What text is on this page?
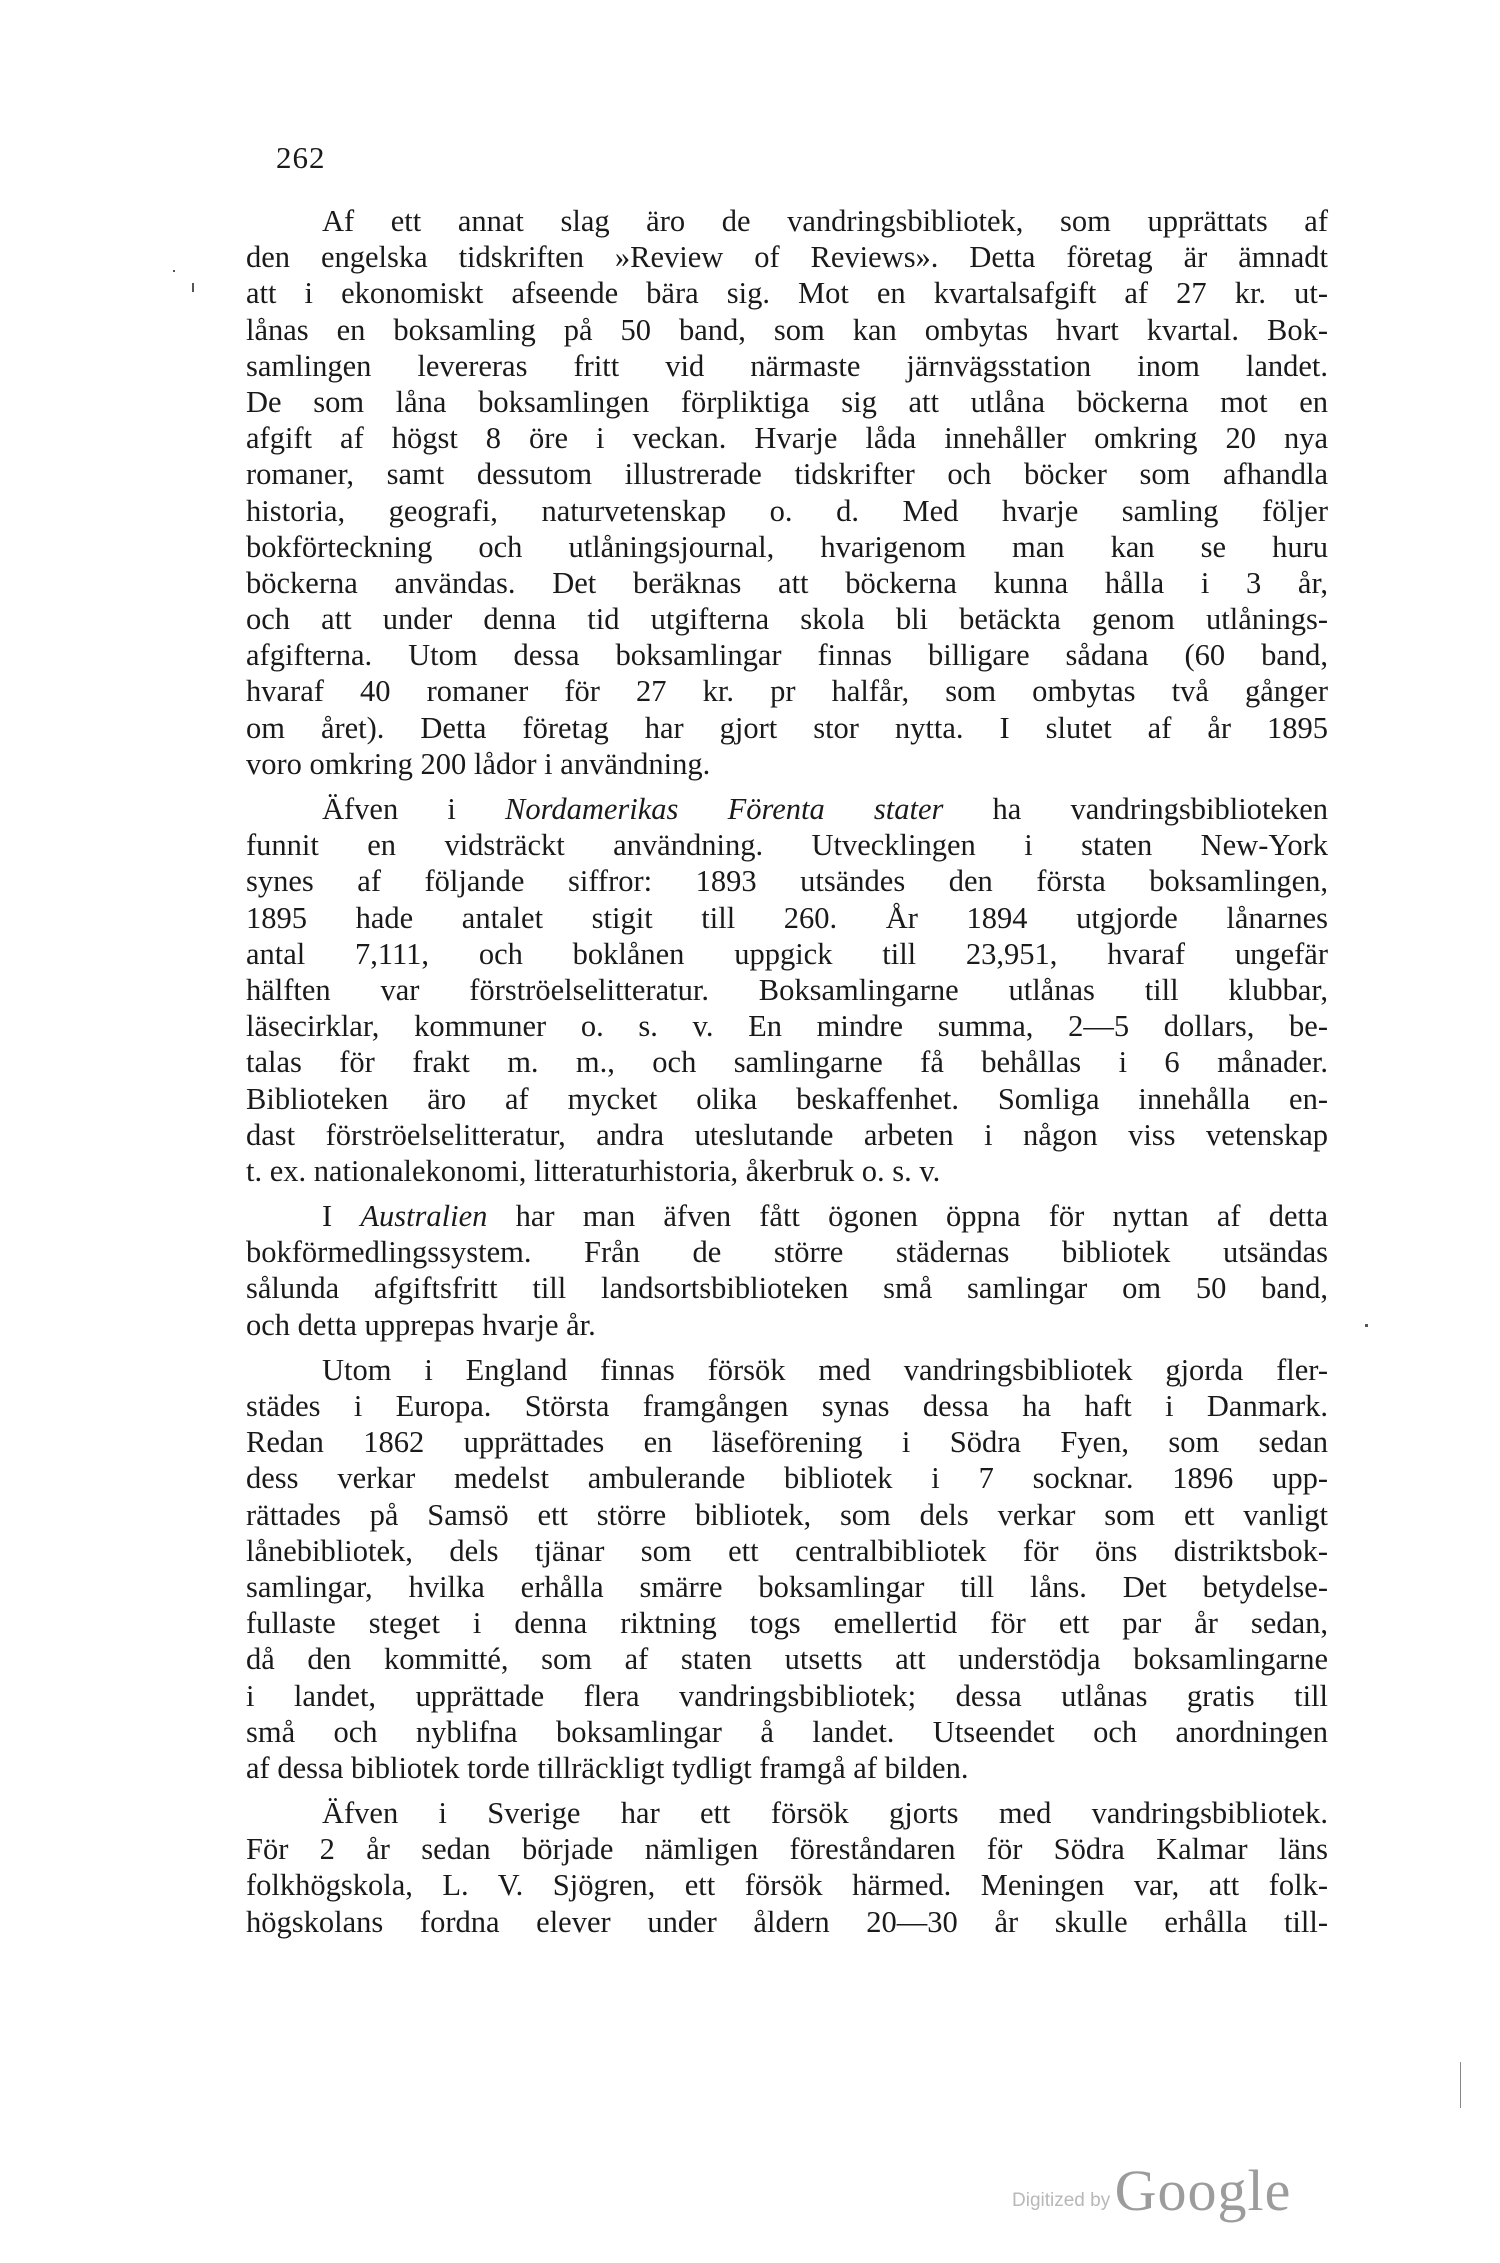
262
Af ett annat slag äro de vandringsbibliotek, som upprättats af
den engelska tidskriften »Review of Reviews». Detta företag är ämnadt
att i ekonomiskt afseende bära sig. Mot en kvartalsafgift af 27 kr. ut-
lånas en boksamling på 50 band, som kan ombytas hvart kvartal. Bok-
samlingen levereras fritt vid närmaste järnvägsstation inom landet.
De som låna boksamlingen förpliktiga sig att utlåna böckerna mot en
afgift af högst 8 öre i veckan. Hvarje låda innehåller omkring 20 nya
romaner, samt dessutom illustrerade tidskrifter och böcker som afhandla
historia, geografi, naturvetenskap o. d. Med hvarje samling följer
bokförteckning och utlåningsjournal, hvarigenom man kan se huru
böckerna användas. Det beräknas att böckerna kunna hålla i 3 år,
och att under denna tid utgifterna skola bli betäckta genom utlånings-
afgifterna. Utom dessa boksamlingar finnas billigare sådana (60 band,
hvaraf 40 romaner för 27 kr. pr halfår, som ombytas två gånger
om året). Detta företag har gjort stor nytta. I slutet af år 1895
voro omkring 200 lådor i användning.
Äfven i Nordamerikas Förenta stater ha vandringsbiblioteken
funnit en vidsträckt användning. Utvecklingen i staten New-York
synes af följande siffror: 1893 utsändes den första boksamlingen,
1895 hade antalet stigit till 260. År 1894 utgjorde lånarnes
antal 7,111, och boklånen uppgick till 23,951, hvaraf ungefär
hälften var förströelselitteratur. Boksamlingarne utlånas till klubbar,
läsecirklar, kommuner o. s. v. En mindre summa, 2—5 dollars, be-
talas för frakt m. m., och samlingarne få behållas i 6 månader.
Biblioteken äro af mycket olika beskaffenhet. Somliga innehålla en-
dast förströelselitteratur, andra uteslutande arbeten i någon viss vetenskap
t. ex. nationalekonomi, litteraturhistoria, åkerbruk o. s. v.
I Australien har man äfven fått ögonen öppna för nyttan af detta
bokförmedlingssystem. Från de större städernas bibliotek utsändas
sålunda afgiftsfritt till landsortsbiblioteken små samlingar om 50 band,
och detta upprepas hvarje år.
Utom i England finnas försök med vandringsbibliotek gjorda fler-
städes i Europa. Största framgången synas dessa ha haft i Danmark.
Redan 1862 upprättades en läseförening i Södra Fyen, som sedan
dess verkar medelst ambulerande bibliotek i 7 socknar. 1896 upp-
rättades på Samsö ett större bibliotek, som dels verkar som ett vanligt
lånebibliotek, dels tjänar som ett centralbibliotek för öns distriktsbok-
samlingar, hvilka erhålla smärre boksamlingar till låns. Det betydelse-
fullaste steget i denna riktning togs emellertid för ett par år sedan,
då den kommitté, som af staten utsetts att understödja boksamlingarne
i landet, upprättade flera vandringsbibliotek; dessa utlånas gratis till
små och nyblifna boksamlingar å landet. Utseendet och anordningen
af dessa bibliotek torde tillräckligt tydligt framgå af bilden.
Äfven i Sverige har ett försök gjorts med vandringsbibliotek.
För 2 år sedan började nämligen föreståndaren för Södra Kalmar läns
folkhögskola, L. V. Sjögren, ett försök härmed. Meningen var, att folk-
högskolans fordna elever under åldern 20—30 år skulle erhålla till-
Digitized by Google
